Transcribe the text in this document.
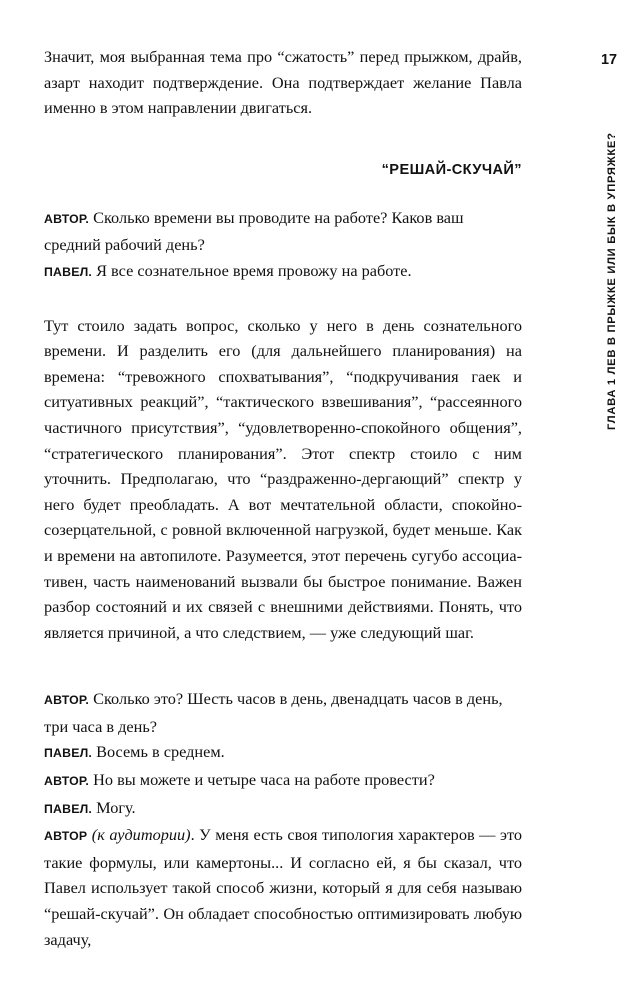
17
ГЛАВА 1 ЛЕВ В ПРЫЖКЕ ИЛИ БЫК В УПРЯЖКЕ?

Значит, моя выбранная тема про “сжатость” перед прыжком, драйв, азарт находит подтверждение. Она подтверждает желание Павла именно в этом направлении двигаться.

“РЕШАЙ-СКУЧАЙ”

АВТОР. Сколько времени вы проводите на работе? Каков ваш средний рабочий день?

ПАВЕЛ. Я все сознательное время провожу на работе.

Тут стоило задать вопрос, сколько у него в день сознательного времени. И разделить его (для дальнейшего планирования) на времена: “тревожного спохватывания”, “подкручивания гаек и ситуативных реакций”, “тактического взвешивания”, “рассеянного частичного присутствия”, “удовлетворенно-спокойного общения”, “стратегического планирования”. Этот спектр стоило с ним уточнить. Предполагаю, что “раздраженно-дергающий” спектр у него будет преобладать. А вот мечтательной области, спокойно-созерцательной, с ровной включенной нагрузкой, будет меньше. Как и времени на автопилоте. Разумеется, этот перечень сугубо ассоциативен, часть наименований вызвали бы быстрое понимание. Важен разбор состояний и их связей с внешними действиями. Понять, что является причиной, а что следствием, — уже следующий шаг.

АВТОР. Сколько это? Шесть часов в день, двенадцать часов в день, три часа в день?

ПАВЕЛ. Восемь в среднем.

АВТОР. Но вы можете и четыре часа на работе провести?

ПАВЕЛ. Могу.

АВТОР (к аудитории). У меня есть своя типология характеров — это такие формулы, или камертоны... И согласно ей, я бы сказал, что Павел использует такой способ жизни, который я для себя называю “решай-скучай”. Он обладает способностью оптимизировать любую задачу,
